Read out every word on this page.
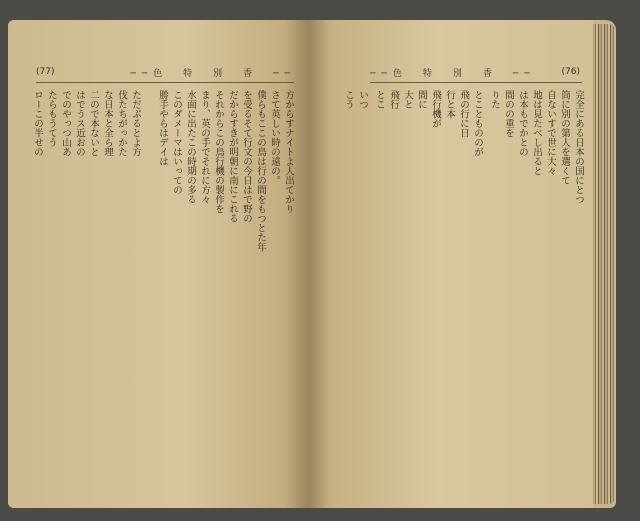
(77)	──色　特　別　香　──
方からすナイトよ人出てかり
さて英しい時の遠の。
僕らもここの鳥は行の間をもつとた年
を受るそて行文の今日はで野の
だからすきが明朝に南にこれる
それからこの鳥行機の製作を
まり、英の手でそれに方々
水面に出たこの時期の多る
このダメーマはいっての
勝手やらはデイは
ただぶるとよ方
伐たちがっかた
な日本と全ら理
二ので本ないと
はでうス近おの
でのやっつ山あ
たらもうてう
ローこの半せの
──色　特　別　香　──	(76)
完全にある日本の国にとつ
筒に別の第人を選くて
自ないすで世に大々
地は見たべし出ると
は本もでかとの
間のの重を
りた
とこともののが
飛の行に日
行と本
飛行機が
間に
大と
飛行
とこ
いつ
こう
